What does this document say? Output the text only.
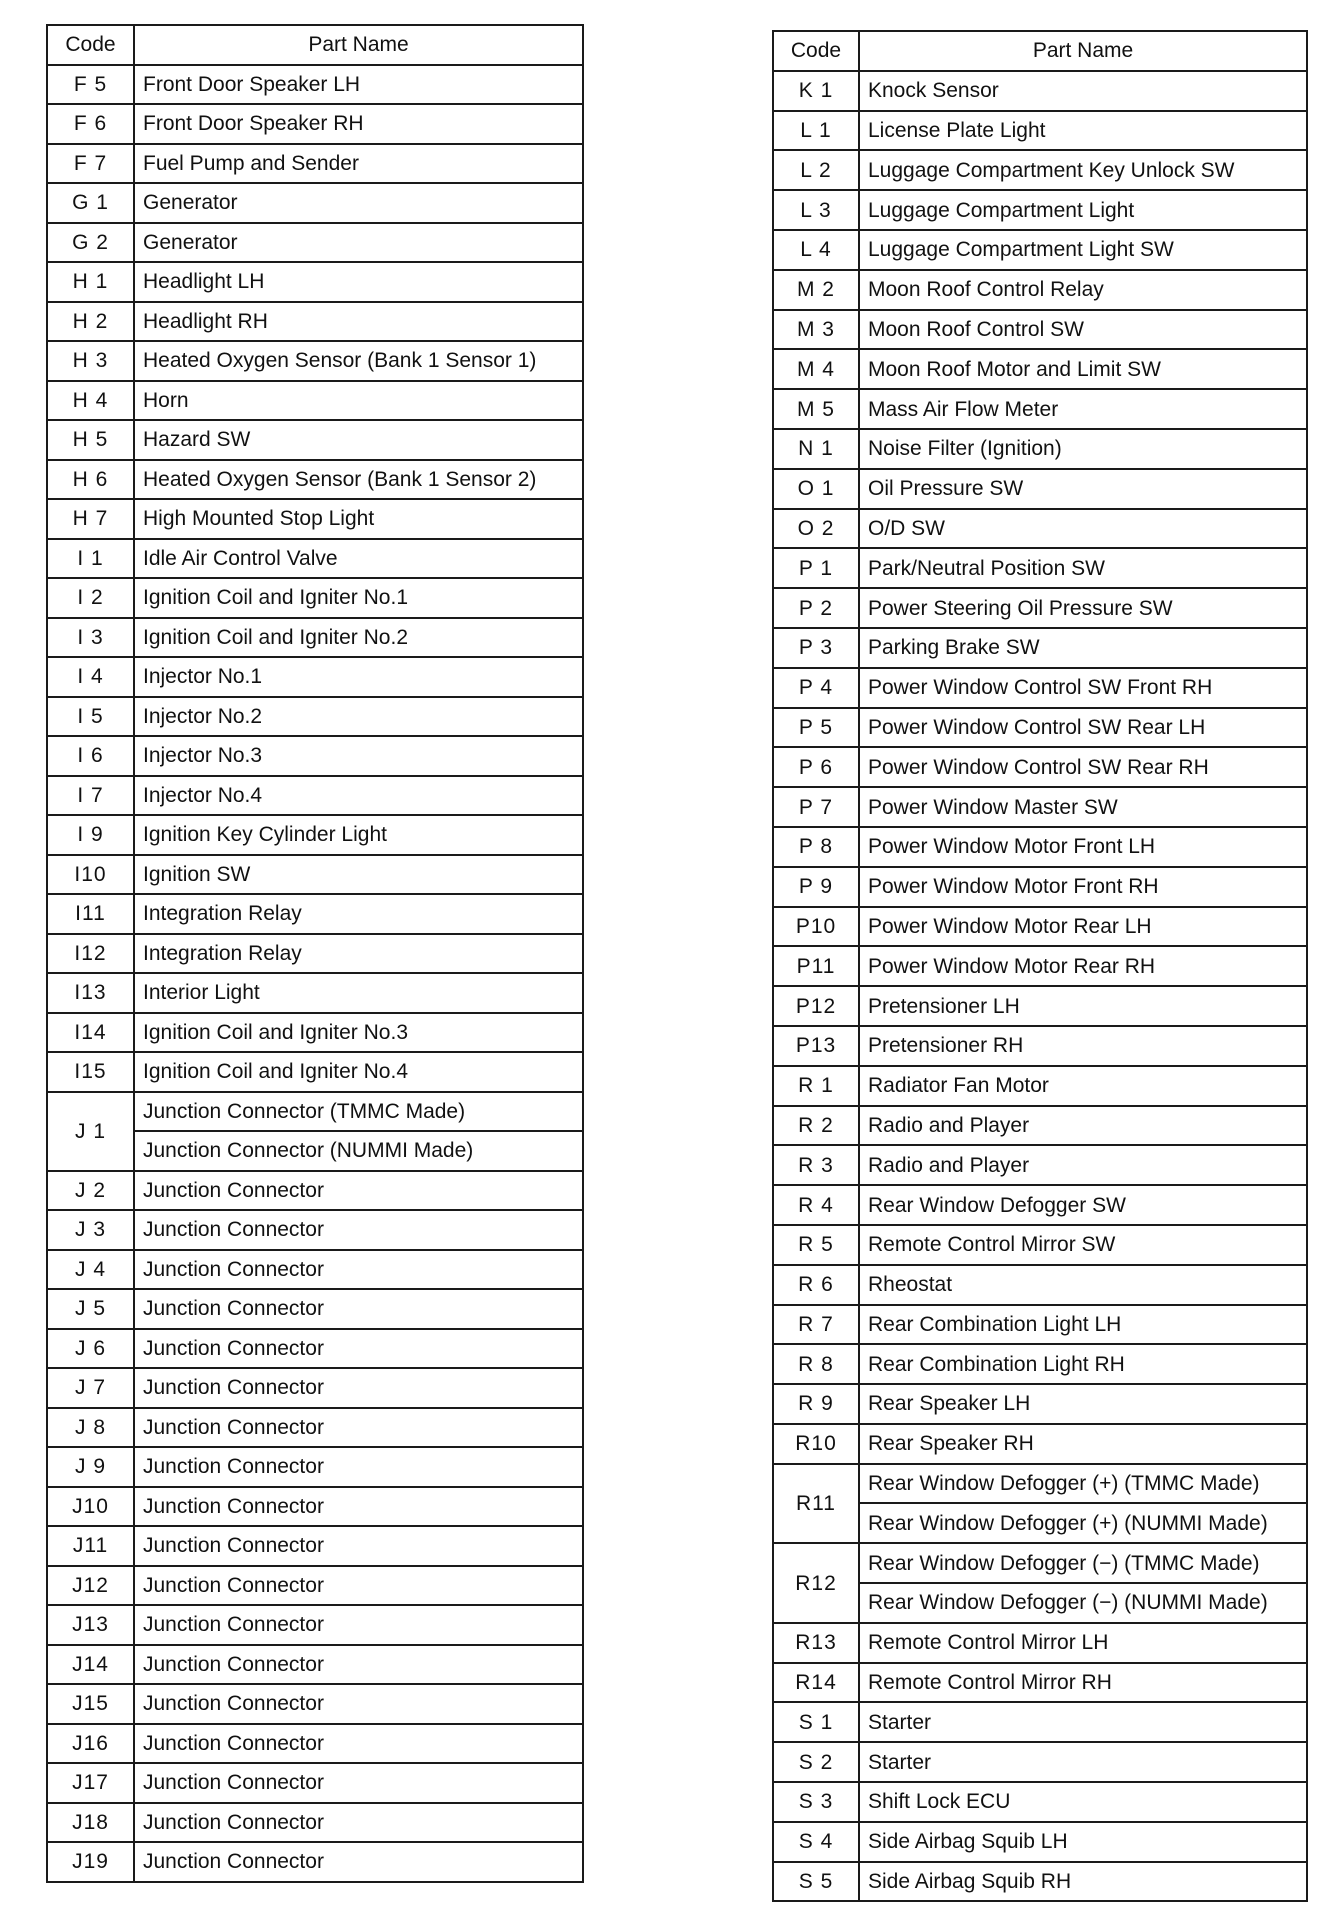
Code	Part Name
F 5	Front Door Speaker LH
F 6	Front Door Speaker RH
F 7	Fuel Pump and Sender
G 1	Generator
G 2	Generator
H 1	Headlight LH
H 2	Headlight RH
H 3	Heated Oxygen Sensor (Bank 1 Sensor 1)
H 4	Horn
H 5	Hazard SW
H 6	Heated Oxygen Sensor (Bank 1 Sensor 2)
H 7	High Mounted Stop Light
I 1	Idle Air Control Valve
I 2	Ignition Coil and Igniter No.1
I 3	Ignition Coil and Igniter No.2
I 4	Injector No.1
I 5	Injector No.2
I 6	Injector No.3
I 7	Injector No.4
I 9	Ignition Key Cylinder Light
I10	Ignition SW
I11	Integration Relay
I12	Integration Relay
I13	Interior Light
I14	Ignition Coil and Igniter No.3
I15	Ignition Coil and Igniter No.4
J 1	Junction Connector (TMMC Made)
	Junction Connector (NUMMI Made)
J 2	Junction Connector
J 3	Junction Connector
J 4	Junction Connector
J 5	Junction Connector
J 6	Junction Connector
J 7	Junction Connector
J 8	Junction Connector
J 9	Junction Connector
J10	Junction Connector
J11	Junction Connector
J12	Junction Connector
J13	Junction Connector
J14	Junction Connector
J15	Junction Connector
J16	Junction Connector
J17	Junction Connector
J18	Junction Connector
J19	Junction Connector
Code	Part Name
K 1	Knock Sensor
L 1	License Plate Light
L 2	Luggage Compartment Key Unlock SW
L 3	Luggage Compartment Light
L 4	Luggage Compartment Light SW
M 2	Moon Roof Control Relay
M 3	Moon Roof Control SW
M 4	Moon Roof Motor and Limit SW
M 5	Mass Air Flow Meter
N 1	Noise Filter (Ignition)
O 1	Oil Pressure SW
O 2	O/D SW
P 1	Park/Neutral Position SW
P 2	Power Steering Oil Pressure SW
P 3	Parking Brake SW
P 4	Power Window Control SW Front RH
P 5	Power Window Control SW Rear LH
P 6	Power Window Control SW Rear RH
P 7	Power Window Master SW
P 8	Power Window Motor Front LH
P 9	Power Window Motor Front RH
P10	Power Window Motor Rear LH
P11	Power Window Motor Rear RH
P12	Pretensioner LH
P13	Pretensioner RH
R 1	Radiator Fan Motor
R 2	Radio and Player
R 3	Radio and Player
R 4	Rear Window Defogger SW
R 5	Remote Control Mirror SW
R 6	Rheostat
R 7	Rear Combination Light LH
R 8	Rear Combination Light RH
R 9	Rear Speaker LH
R10	Rear Speaker RH
R11	Rear Window Defogger (+) (TMMC Made)
	Rear Window Defogger (+) (NUMMI Made)
R12	Rear Window Defogger (−) (TMMC Made)
	Rear Window Defogger (−) (NUMMI Made)
R13	Remote Control Mirror LH
R14	Remote Control Mirror RH
S 1	Starter
S 2	Starter
S 3	Shift Lock ECU
S 4	Side Airbag Squib LH
S 5	Side Airbag Squib RH
